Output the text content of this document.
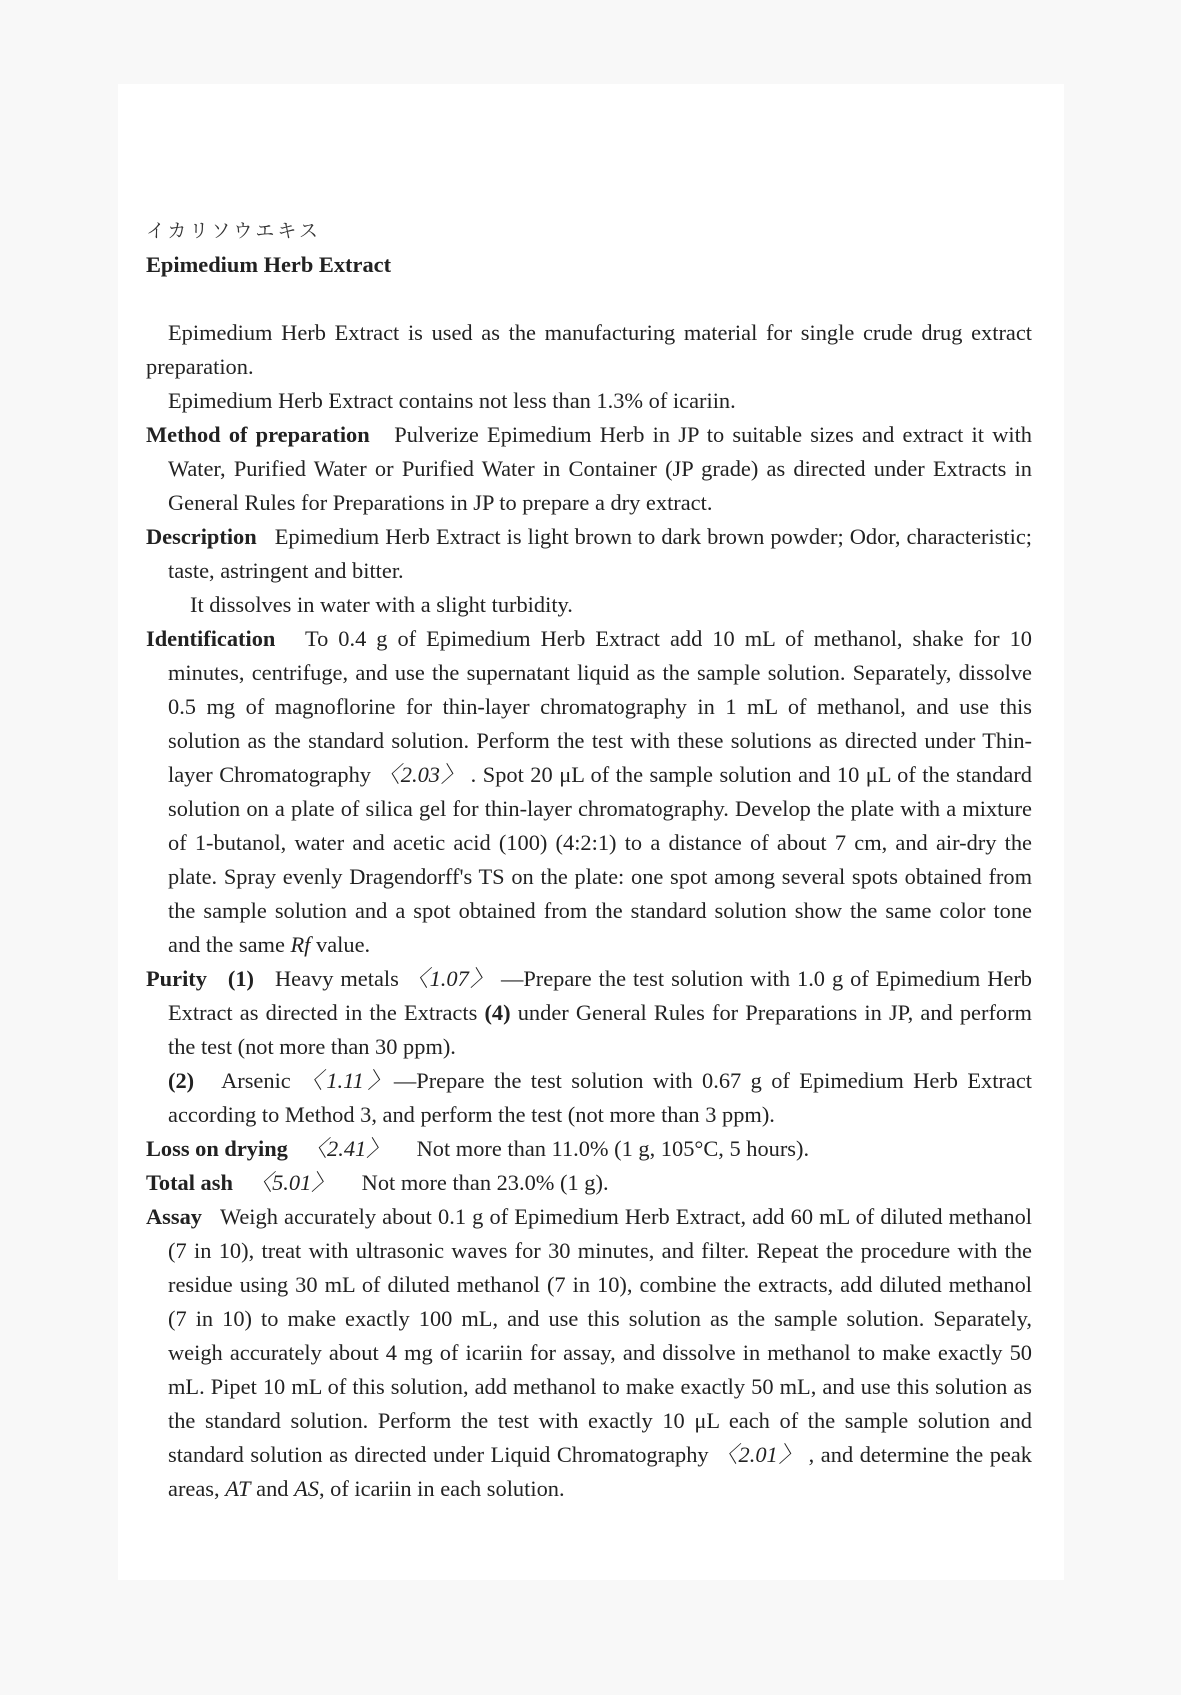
イカリソウエキス

Epimedium Herb Extract

Epimedium Herb Extract is used as the manufacturing material for single crude drug extract preparation.

Epimedium Herb Extract contains not less than 1.3% of icariin.

Method of preparation Pulverize Epimedium Herb in JP to suitable sizes and extract it with Water, Purified Water or Purified Water in Container (JP grade) as directed under Extracts in General Rules for Preparations in JP to prepare a dry extract.

Description Epimedium Herb Extract is light brown to dark brown powder; Odor, characteristic; taste, astringent and bitter.

It dissolves in water with a slight turbidity.

Identification To 0.4 g of Epimedium Herb Extract add 10 mL of methanol, shake for 10 minutes, centrifuge, and use the supernatant liquid as the sample solution. Separately, dissolve 0.5 mg of magnoflorine for thin-layer chromatography in 1 mL of methanol, and use this solution as the standard solution. Perform the test with these solutions as directed under Thin-layer Chromatography 〈2.03〉 . Spot 20 μL of the sample solution and 10 μL of the standard solution on a plate of silica gel for thin-layer chromatography. Develop the plate with a mixture of 1-butanol, water and acetic acid (100) (4:2:1) to a distance of about 7 cm, and air-dry the plate. Spray evenly Dragendorff's TS on the plate: one spot among several spots obtained from the sample solution and a spot obtained from the standard solution show the same color tone and the same Rf value.

Purity (1) Heavy metals 〈1.07〉 —Prepare the test solution with 1.0 g of Epimedium Herb Extract as directed in the Extracts (4) under General Rules for Preparations in JP, and perform the test (not more than 30 ppm).

(2) Arsenic 〈1.11〉—Prepare the test solution with 0.67 g of Epimedium Herb Extract according to Method 3, and perform the test (not more than 3 ppm).

Loss on drying 〈2.41〉 Not more than 11.0% (1 g, 105°C, 5 hours).

Total ash 〈5.01〉 Not more than 23.0% (1 g).

Assay Weigh accurately about 0.1 g of Epimedium Herb Extract, add 60 mL of diluted methanol (7 in 10), treat with ultrasonic waves for 30 minutes, and filter. Repeat the procedure with the residue using 30 mL of diluted methanol (7 in 10), combine the extracts, add diluted methanol (7 in 10) to make exactly 100 mL, and use this solution as the sample solution. Separately, weigh accurately about 4 mg of icariin for assay, and dissolve in methanol to make exactly 50 mL. Pipet 10 mL of this solution, add methanol to make exactly 50 mL, and use this solution as the standard solution. Perform the test with exactly 10 μL each of the sample solution and standard solution as directed under Liquid Chromatography 〈2.01〉 , and determine the peak areas, AT and AS, of icariin in each solution.
